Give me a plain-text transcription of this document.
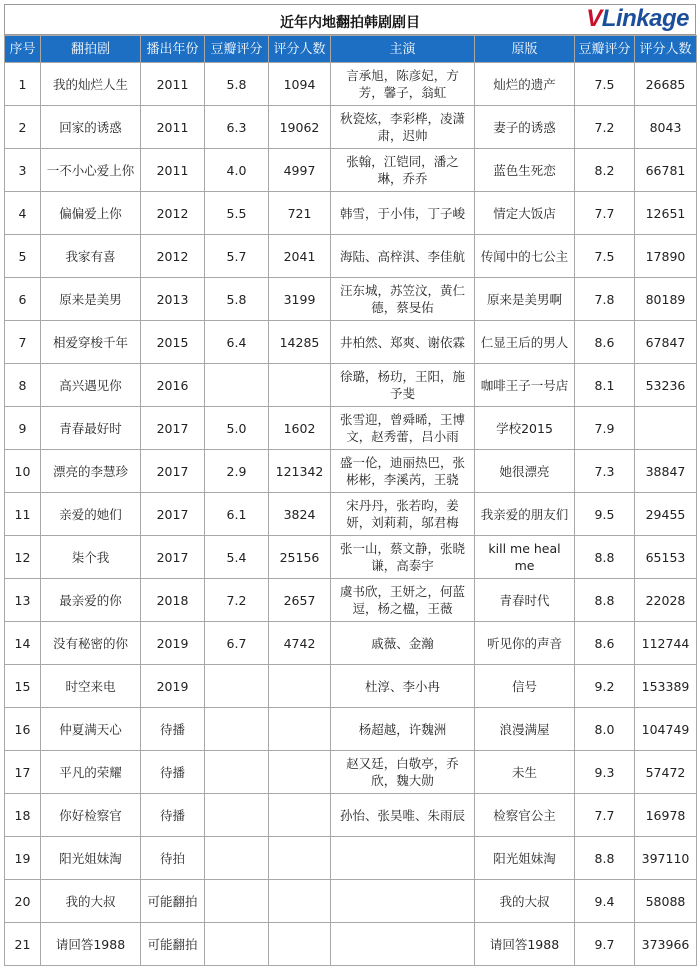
近年内地翻拍韩剧剧目	VLinkage
序号	翻拍剧	播出年份	豆瓣评分	评分人数	主演	原版	豆瓣评分	评分人数
1	我的灿烂人生	2011	5.8	1094	言承旭，陈彦妃，方芳，馨子，翁虹	灿烂的遗产	7.5	26685
2	回家的诱惑	2011	6.3	19062	秋瓷炫，李彩桦，凌潇肃，迟帅	妻子的诱惑	7.2	8043
3	一不小心爱上你	2011	4.0	4997	张翰，江铠同，潘之琳，乔乔	蓝色生死恋	8.2	66781
4	偏偏爱上你	2012	5.5	721	韩雪，于小伟，丁子峻	情定大饭店	7.7	12651
5	我家有喜	2012	5.7	2041	海陆、高梓淇、李佳航	传闻中的七公主	7.5	17890
6	原来是美男	2013	5.8	3199	汪东城，苏笠汶，黄仁德，蔡旻佑	原来是美男啊	7.8	80189
7	相爱穿梭千年	2015	6.4	14285	井柏然、郑爽、谢依霖	仁显王后的男人	8.6	67847
8	高兴遇见你	2016			徐璐，杨玏，王阳，施予斐	咖啡王子一号店	8.1	53236
9	青春最好时	2017	5.0	1602	张雪迎，曾舜晞，王博文，赵秀蕾，吕小雨	学校2015	7.9	
10	漂亮的李慧珍	2017	2.9	121342	盛一伦，迪丽热巴，张彬彬，李溪芮，王骁	她很漂亮	7.3	38847
11	亲爱的她们	2017	6.1	3824	宋丹丹，张若昀，姜妍，刘莉莉，邬君梅	我亲爱的朋友们	9.5	29455
12	柒个我	2017	5.4	25156	张一山，蔡文静，张晓谦，高泰宇	kill me heal me	8.8	65153
13	最亲爱的你	2018	7.2	2657	虞书欣，王妍之，何蓝逗，杨之楹，王薇	青春时代	8.8	22028
14	没有秘密的你	2019	6.7	4742	戚薇、金瀚	听见你的声音	8.6	112744
15	时空来电	2019			杜淳、李小冉	信号	9.2	153389
16	仲夏满天心	待播			杨超越，许魏洲	浪漫满屋	8.0	104749
17	平凡的荣耀	待播			赵又廷，白敬亭，乔欣，魏大勋	未生	9.3	57472
18	你好检察官	待播			孙怡、张昊唯、朱雨辰	检察官公主	7.7	16978
19	阳光姐妹淘	待拍				阳光姐妹淘	8.8	397110
20	我的大叔	可能翻拍				我的大叔	9.4	58088
21	请回答1988	可能翻拍				请回答1988	9.7	373966
